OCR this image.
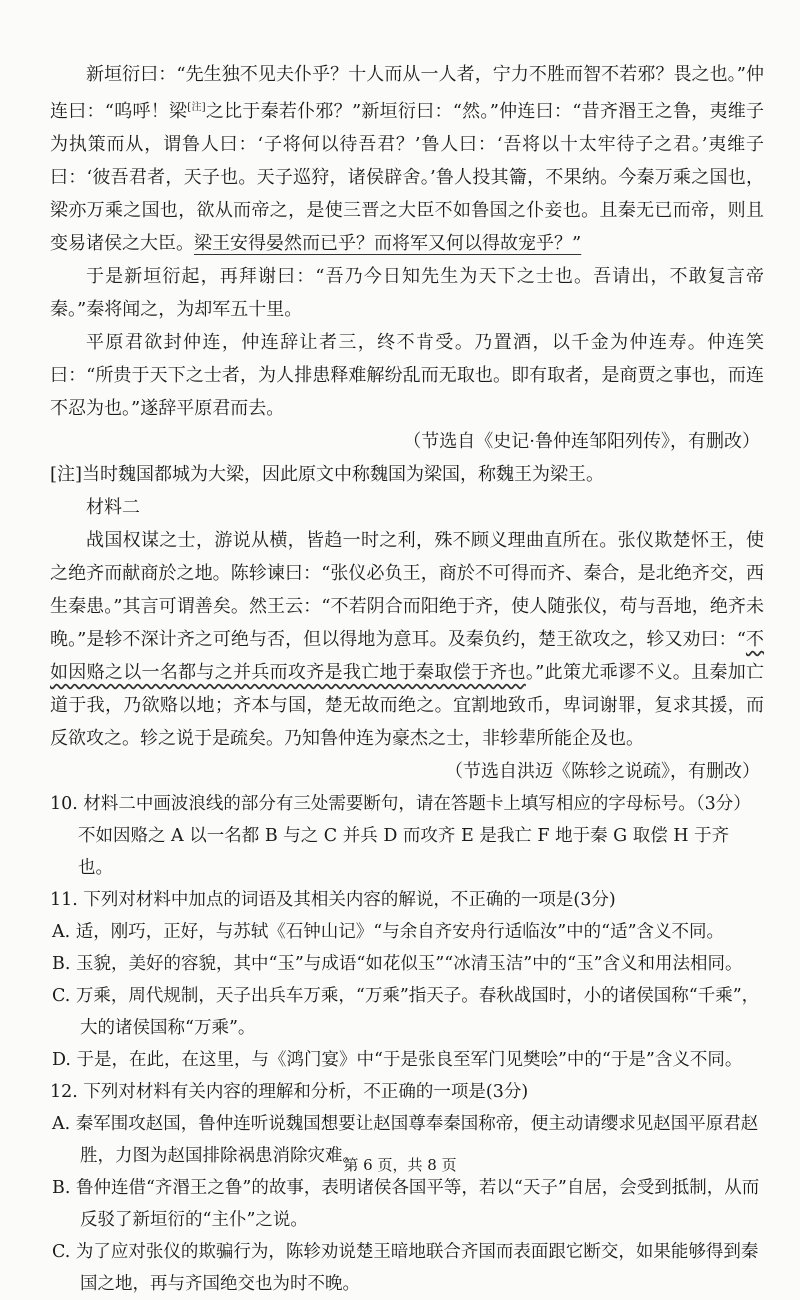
新垣衍曰：“先生独不见夫仆乎？十人而从一人者，宁力不胜而智不若邪？畏之也。”仲连曰：“呜呼！梁[注]之比于秦若仆邪？”新垣衍曰：“然。”仲连曰：“昔齐湣王之鲁，夷维子为执策而从，谓鲁人曰：‘子将何以待吾君？’鲁人曰：‘吾将以十太牢待子之君。’夷维子曰：‘彼吾君者，天子也。天子巡狩，诸侯辟舍。’鲁人投其籥，不果纳。今秦万乘之国也，梁亦万乘之国也，欲从而帝之，是使三晋之大臣不如鲁国之仆妾也。且秦无已而帝，则且变易诸侯之大臣。梁王安得晏然而已乎？而将军又何以得故宠乎？”

于是新垣衍起，再拜谢曰：“吾乃今日知先生为天下之士也。吾请出，不敢复言帝秦。”秦将闻之，为却军五十里。

平原君欲封仲连，仲连辞让者三，终不肯受。乃置酒，以千金为仲连寿。仲连笑曰：“所贵于天下之士者，为人排患释难解纷乱而无取也。即有取者，是商贾之事也，而连不忍为也。”遂辞平原君而去。

（节选自《史记·鲁仲连邹阳列传》，有删改）

[注]当时魏国都城为大梁，因此原文中称魏国为梁国，称魏王为梁王。

材料二

战国权谋之士，游说从横，皆趋一时之利，殊不顾义理曲直所在。张仪欺楚怀王，使之绝齐而献商於之地。陈轸谏曰：“张仪必负王，商於不可得而齐、秦合，是北绝齐交，西生秦患。”其言可谓善矣。然王云：“不若阴合而阳绝于齐，使人随张仪，苟与吾地，绝齐未晚。”是轸不深计齐之可绝与否，但以得地为意耳。及秦负约，楚王欲攻之，轸又劝曰：“不如因赂之以一名都与之并兵而攻齐是我亡地于秦取偿于齐也。”此策尤乖谬不义。且秦加亡道于我，乃欲赂以地；齐本与国，楚无故而绝之。宜割地致币，卑词谢罪，复求其援，而反欲攻之。轸之说于是疏矣。乃知鲁仲连为豪杰之士，非轸辈所能企及也。

（节选自洪迈《陈轸之说疏》，有删改）

10. 材料二中画波浪线的部分有三处需要断句，请在答题卡上填写相应的字母标号。（3分）

不如因赂之 A 以一名都 B 与之 C 并兵 D 而攻齐 E 是我亡 F 地于秦 G 取偿 H 于齐也。

11. 下列对材料中加点的词语及其相关内容的解说，不正确的一项是(3分)

A. 适，刚巧，正好，与苏轼《石钟山记》“与余自齐安舟行适临汝”中的“适”含义不同。

B. 玉貌，美好的容貌，其中“玉”与成语“如花似玉”“冰清玉洁”中的“玉”含义和用法相同。

C. 万乘，周代规制，天子出兵车万乘，“万乘”指天子。春秋战国时，小的诸侯国称“千乘”，大的诸侯国称“万乘”。

D. 于是，在此，在这里，与《鸿门宴》中“于是张良至军门见樊哙”中的“于是”含义不同。

12. 下列对材料有关内容的理解和分析，不正确的一项是(3分)

A. 秦军围攻赵国，鲁仲连听说魏国想要让赵国尊奉秦国称帝，便主动请缨求见赵国平原君赵胜，力图为赵国排除祸患消除灾难。

B. 鲁仲连借“齐湣王之鲁”的故事，表明诸侯各国平等，若以“天子”自居，会受到抵制，从而反驳了新垣衍的“主仆”之说。

C. 为了应对张仪的欺骗行为，陈轸劝说楚王暗地联合齐国而表面跟它断交，如果能够得到秦国之地，再与齐国绝交也为时不晚。

第 6 页，共 8 页
